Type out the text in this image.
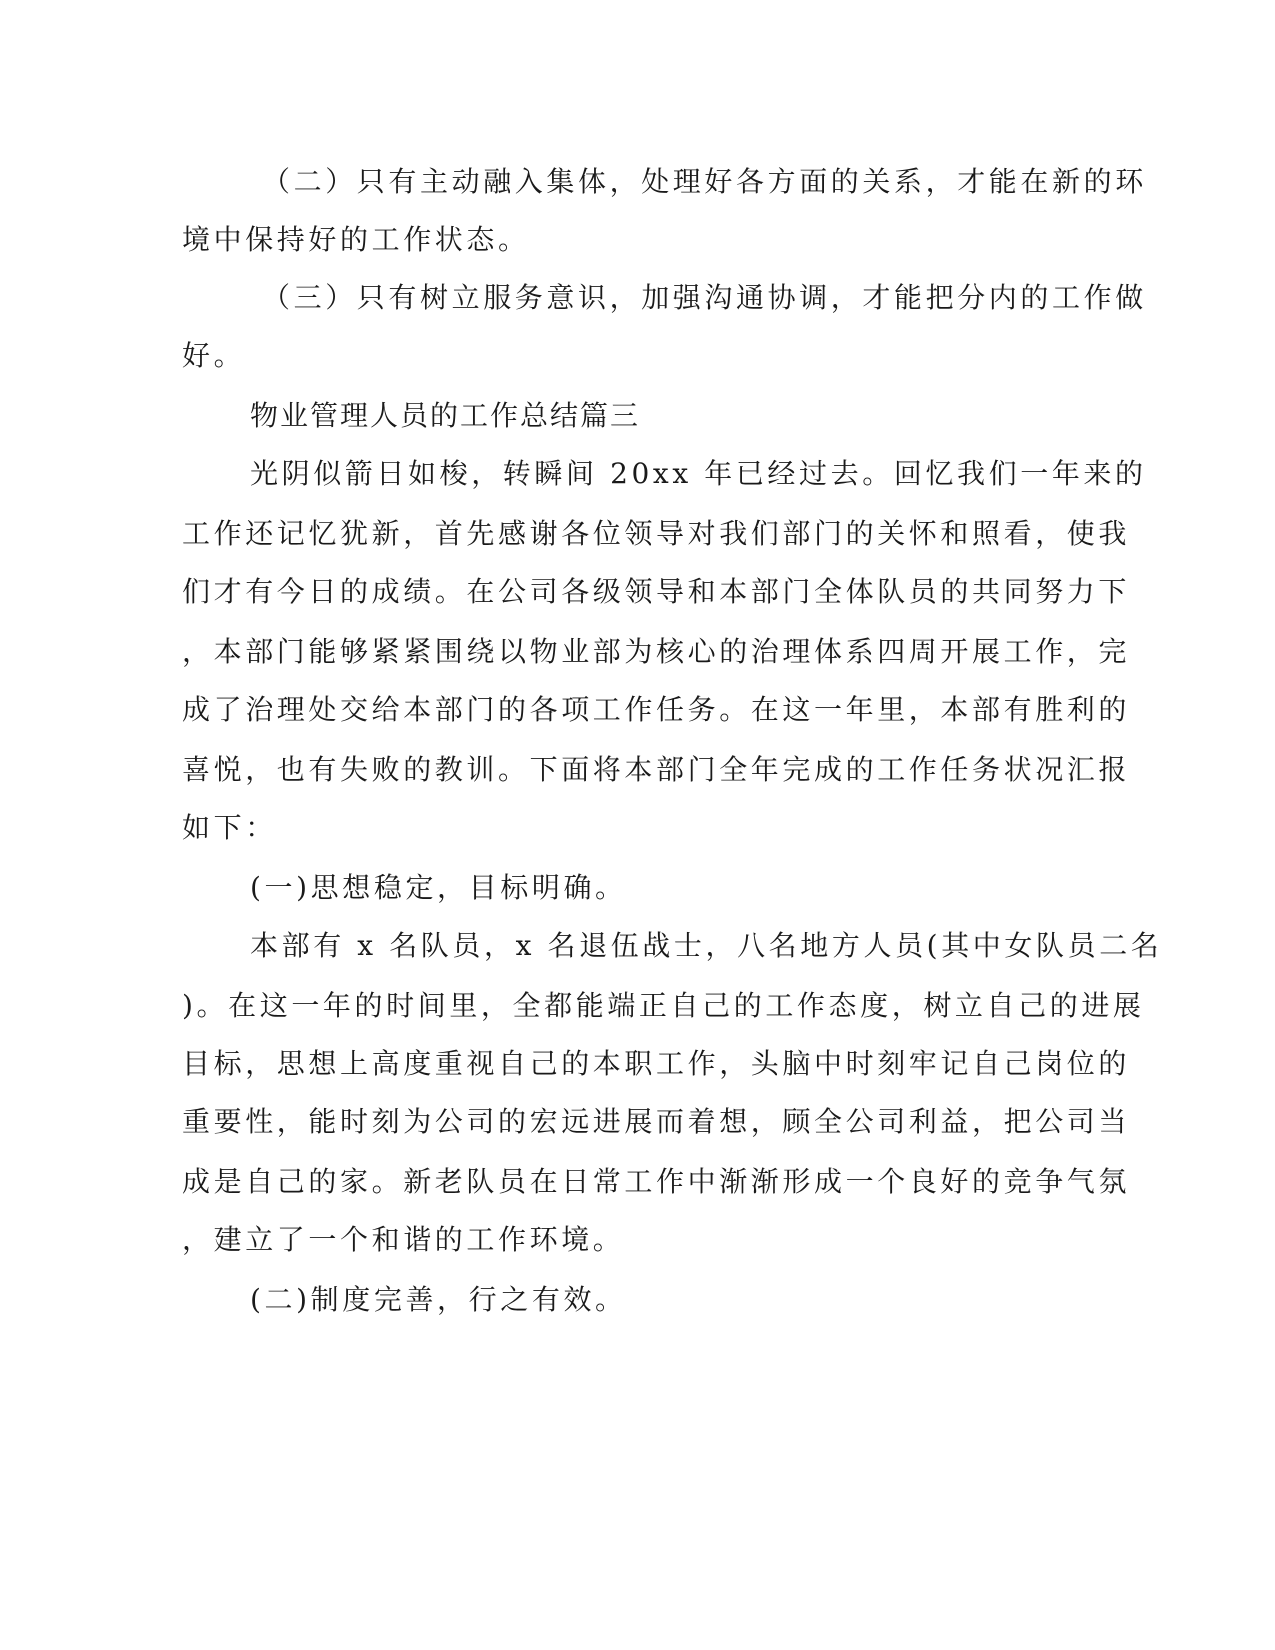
（二）只有主动融入集体，处理好各方面的关系，才能在新的环
境中保持好的工作状态。
（三）只有树立服务意识，加强沟通协调，才能把分内的工作做
好。
物业管理人员的工作总结篇三
光阴似箭日如梭，转瞬间 20xx 年已经过去。回忆我们一年来的
工作还记忆犹新，首先感谢各位领导对我们部门的关怀和照看，使我
们才有今日的成绩。在公司各级领导和本部门全体队员的共同努力下
，本部门能够紧紧围绕以物业部为核心的治理体系四周开展工作，完
成了治理处交给本部门的各项工作任务。在这一年里，本部有胜利的
喜悦，也有失败的教训。下面将本部门全年完成的工作任务状况汇报
如下：
(一)思想稳定，目标明确。
本部有 x 名队员，x 名退伍战士，八名地方人员(其中女队员二名
)。在这一年的时间里，全都能端正自己的工作态度，树立自己的进展
目标，思想上高度重视自己的本职工作，头脑中时刻牢记自己岗位的
重要性，能时刻为公司的宏远进展而着想，顾全公司利益，把公司当
成是自己的家。新老队员在日常工作中渐渐形成一个良好的竞争气氛
，建立了一个和谐的工作环境。
(二)制度完善，行之有效。
